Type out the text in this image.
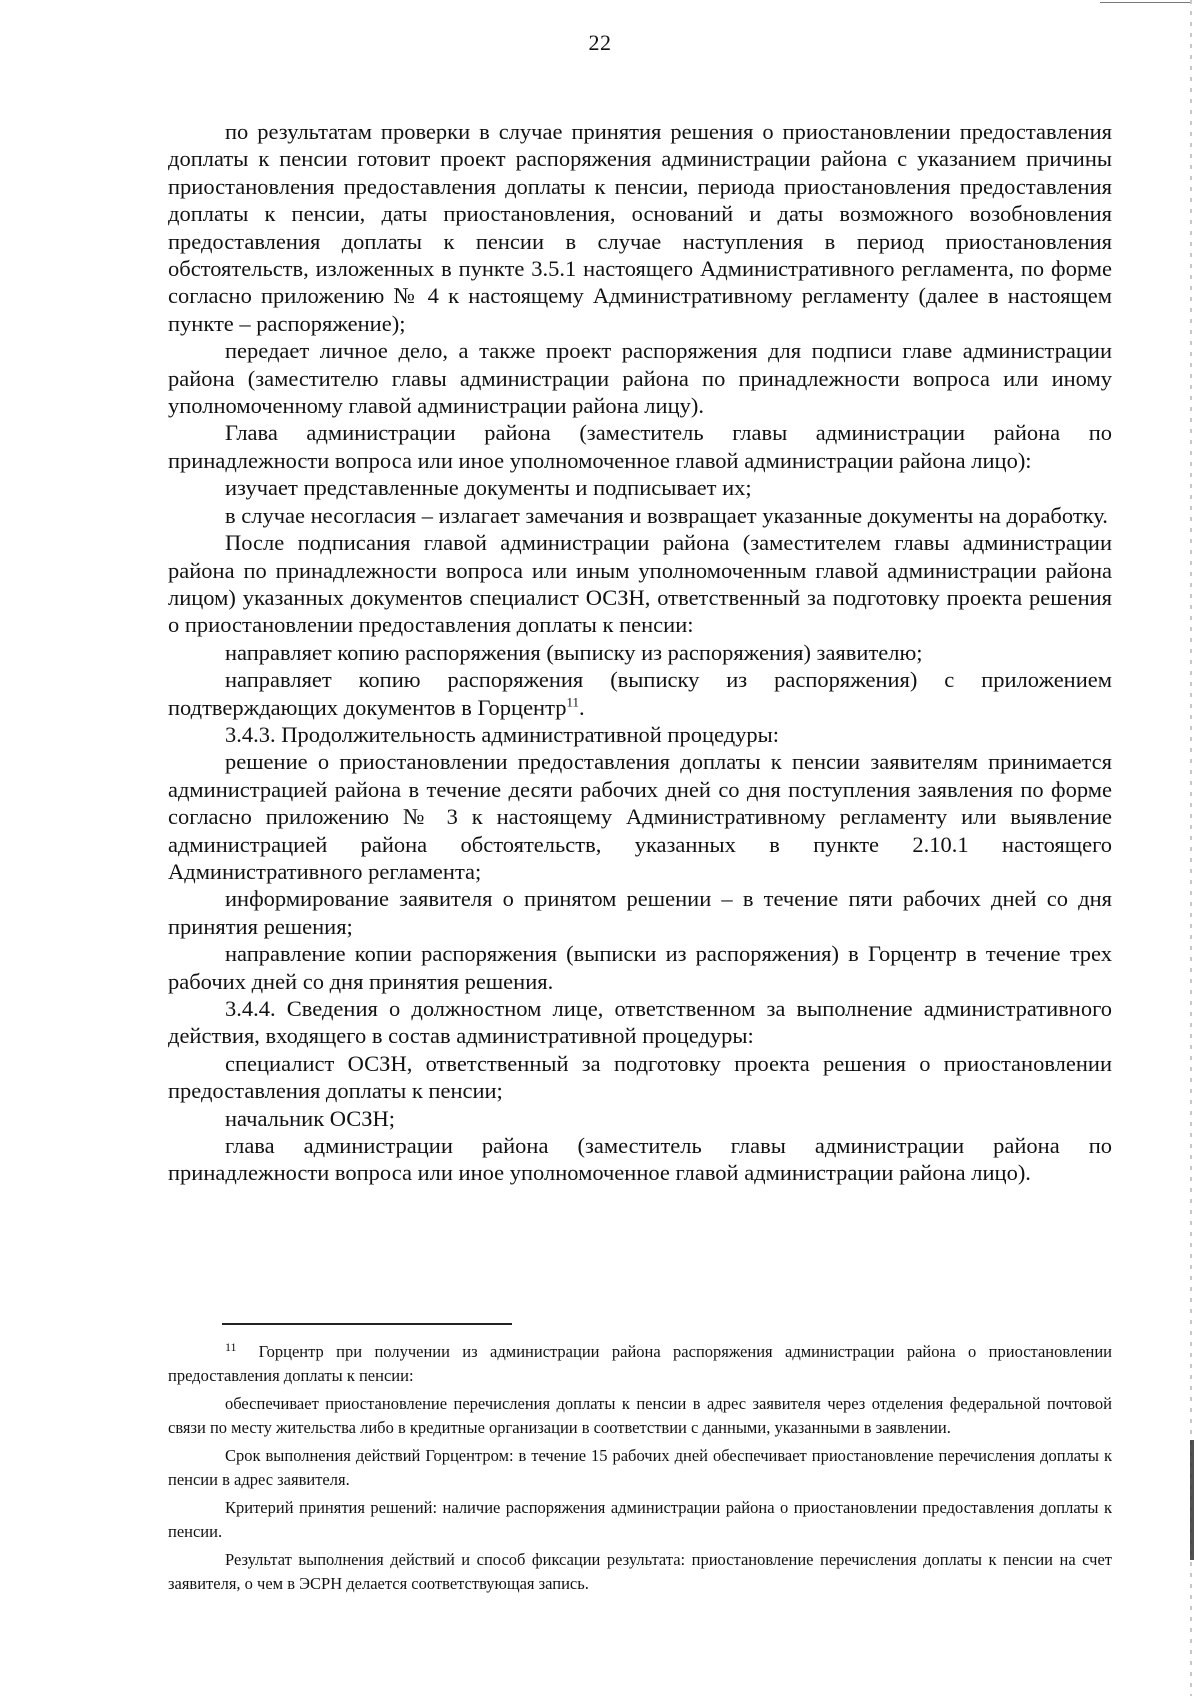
22

по результатам проверки в случае принятия решения о приостановлении предоставления доплаты к пенсии готовит проект распоряжения администрации района с указанием причины приостановления предоставления доплаты к пенсии, периода приостановления предоставления доплаты к пенсии, даты приостановления, оснований и даты возможного возобновления предоставления доплаты к пенсии в случае наступления в период приостановления обстоятельств, изложенных в пункте 3.5.1 настоящего Административного регламента, по форме согласно приложению № 4 к настоящему Административному регламенту (далее в настоящем пункте – распоряжение);

передает личное дело, а также проект распоряжения для подписи главе администрации района (заместителю главы администрации района по принадлежности вопроса или иному уполномоченному главой администрации района лицу).

Глава администрации района (заместитель главы администрации района по принадлежности вопроса или иное уполномоченное главой администрации района лицо):

изучает представленные документы и подписывает их;

в случае несогласия – излагает замечания и возвращает указанные документы на доработку.

После подписания главой администрации района (заместителем главы администрации района по принадлежности вопроса или иным уполномоченным главой администрации района лицом) указанных документов специалист ОСЗН, ответственный за подготовку проекта решения о приостановлении предоставления доплаты к пенсии:

направляет копию распоряжения (выписку из распоряжения) заявителю;

направляет копию распоряжения (выписку из распоряжения) с приложением подтверждающих документов в Горцентр$^{11}$.

3.4.3. Продолжительность административной процедуры:

решение о приостановлении предоставления доплаты к пенсии заявителям принимается администрацией района в течение десяти рабочих дней со дня поступления заявления по форме согласно приложению № 3 к настоящему Административному регламенту или выявление администрацией района обстоятельств, указанных в пункте 2.10.1 настоящего Административного регламента;

информирование заявителя о принятом решении – в течение пяти рабочих дней со дня принятия решения;

направление копии распоряжения (выписки из распоряжения) в Горцентр в течение трех рабочих дней со дня принятия решения.

3.4.4. Сведения о должностном лице, ответственном за выполнение административного действия, входящего в состав административной процедуры:

специалист ОСЗН, ответственный за подготовку проекта решения о приостановлении предоставления доплаты к пенсии;

начальник ОСЗН;

глава администрации района (заместитель главы администрации района по принадлежности вопроса или иное уполномоченное главой администрации района лицо).

$^{11}$ Горцентр при получении из администрации района распоряжения администрации района о приостановлении предоставления доплаты к пенсии:

обеспечивает приостановление перечисления доплаты к пенсии в адрес заявителя через отделения федеральной почтовой связи по месту жительства либо в кредитные организации в соответствии с данными, указанными в заявлении.

Срок выполнения действий Горцентром: в течение 15 рабочих дней обеспечивает приостановление перечисления доплаты к пенсии в адрес заявителя.

Критерий принятия решений: наличие распоряжения администрации района о приостановлении предоставления доплаты к пенсии.

Результат выполнения действий и способ фиксации результата: приостановление перечисления доплаты к пенсии на счет заявителя, о чем в ЭСРН делается соответствующая запись.
